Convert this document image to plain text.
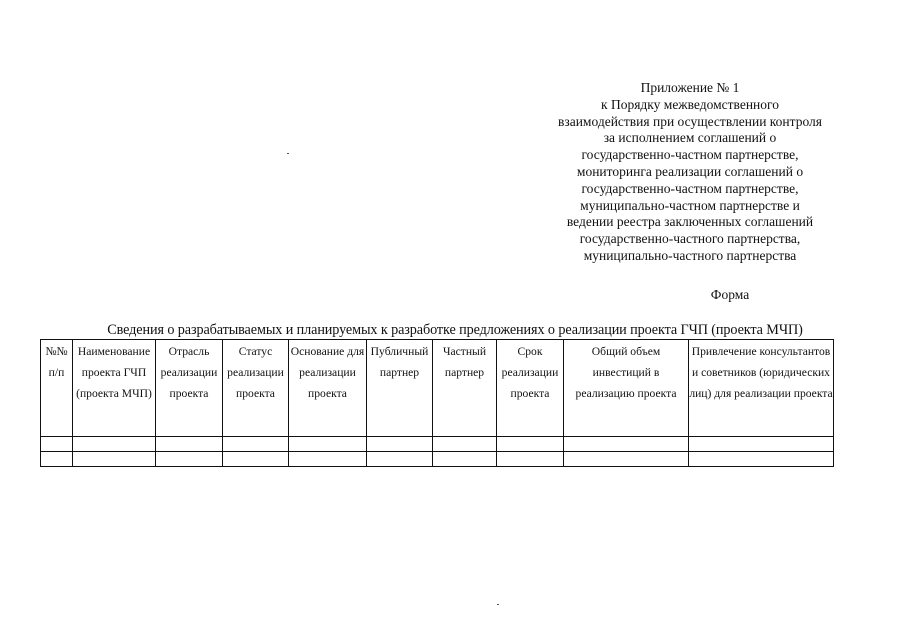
Приложение № 1
к Порядку межведомственного
взаимодействия при осуществлении контроля
за исполнением соглашений о
государственно-частном партнерстве,
мониторинга реализации соглашений о
государственно-частном партнерстве,
муниципально-частном партнерстве и
ведении реестра заключенных соглашений
государственно-частного партнерства,
муниципально-частного партнерства
Форма
Сведения о разрабатываемых и планируемых к разработке предложениях о реализации проекта ГЧП (проекта МЧП)
№№ п/п	Наименование проекта ГЧП (проекта МЧП)	Отрасль реализации проекта	Статус реализации проекта	Основание для реализации проекта	Публичный партнер	Частный партнер	Срок реализации проекта	Общий объем инвестиций в реализацию проекта	Привлечение консультантов и советников (юридических лиц) для реализации проекта
